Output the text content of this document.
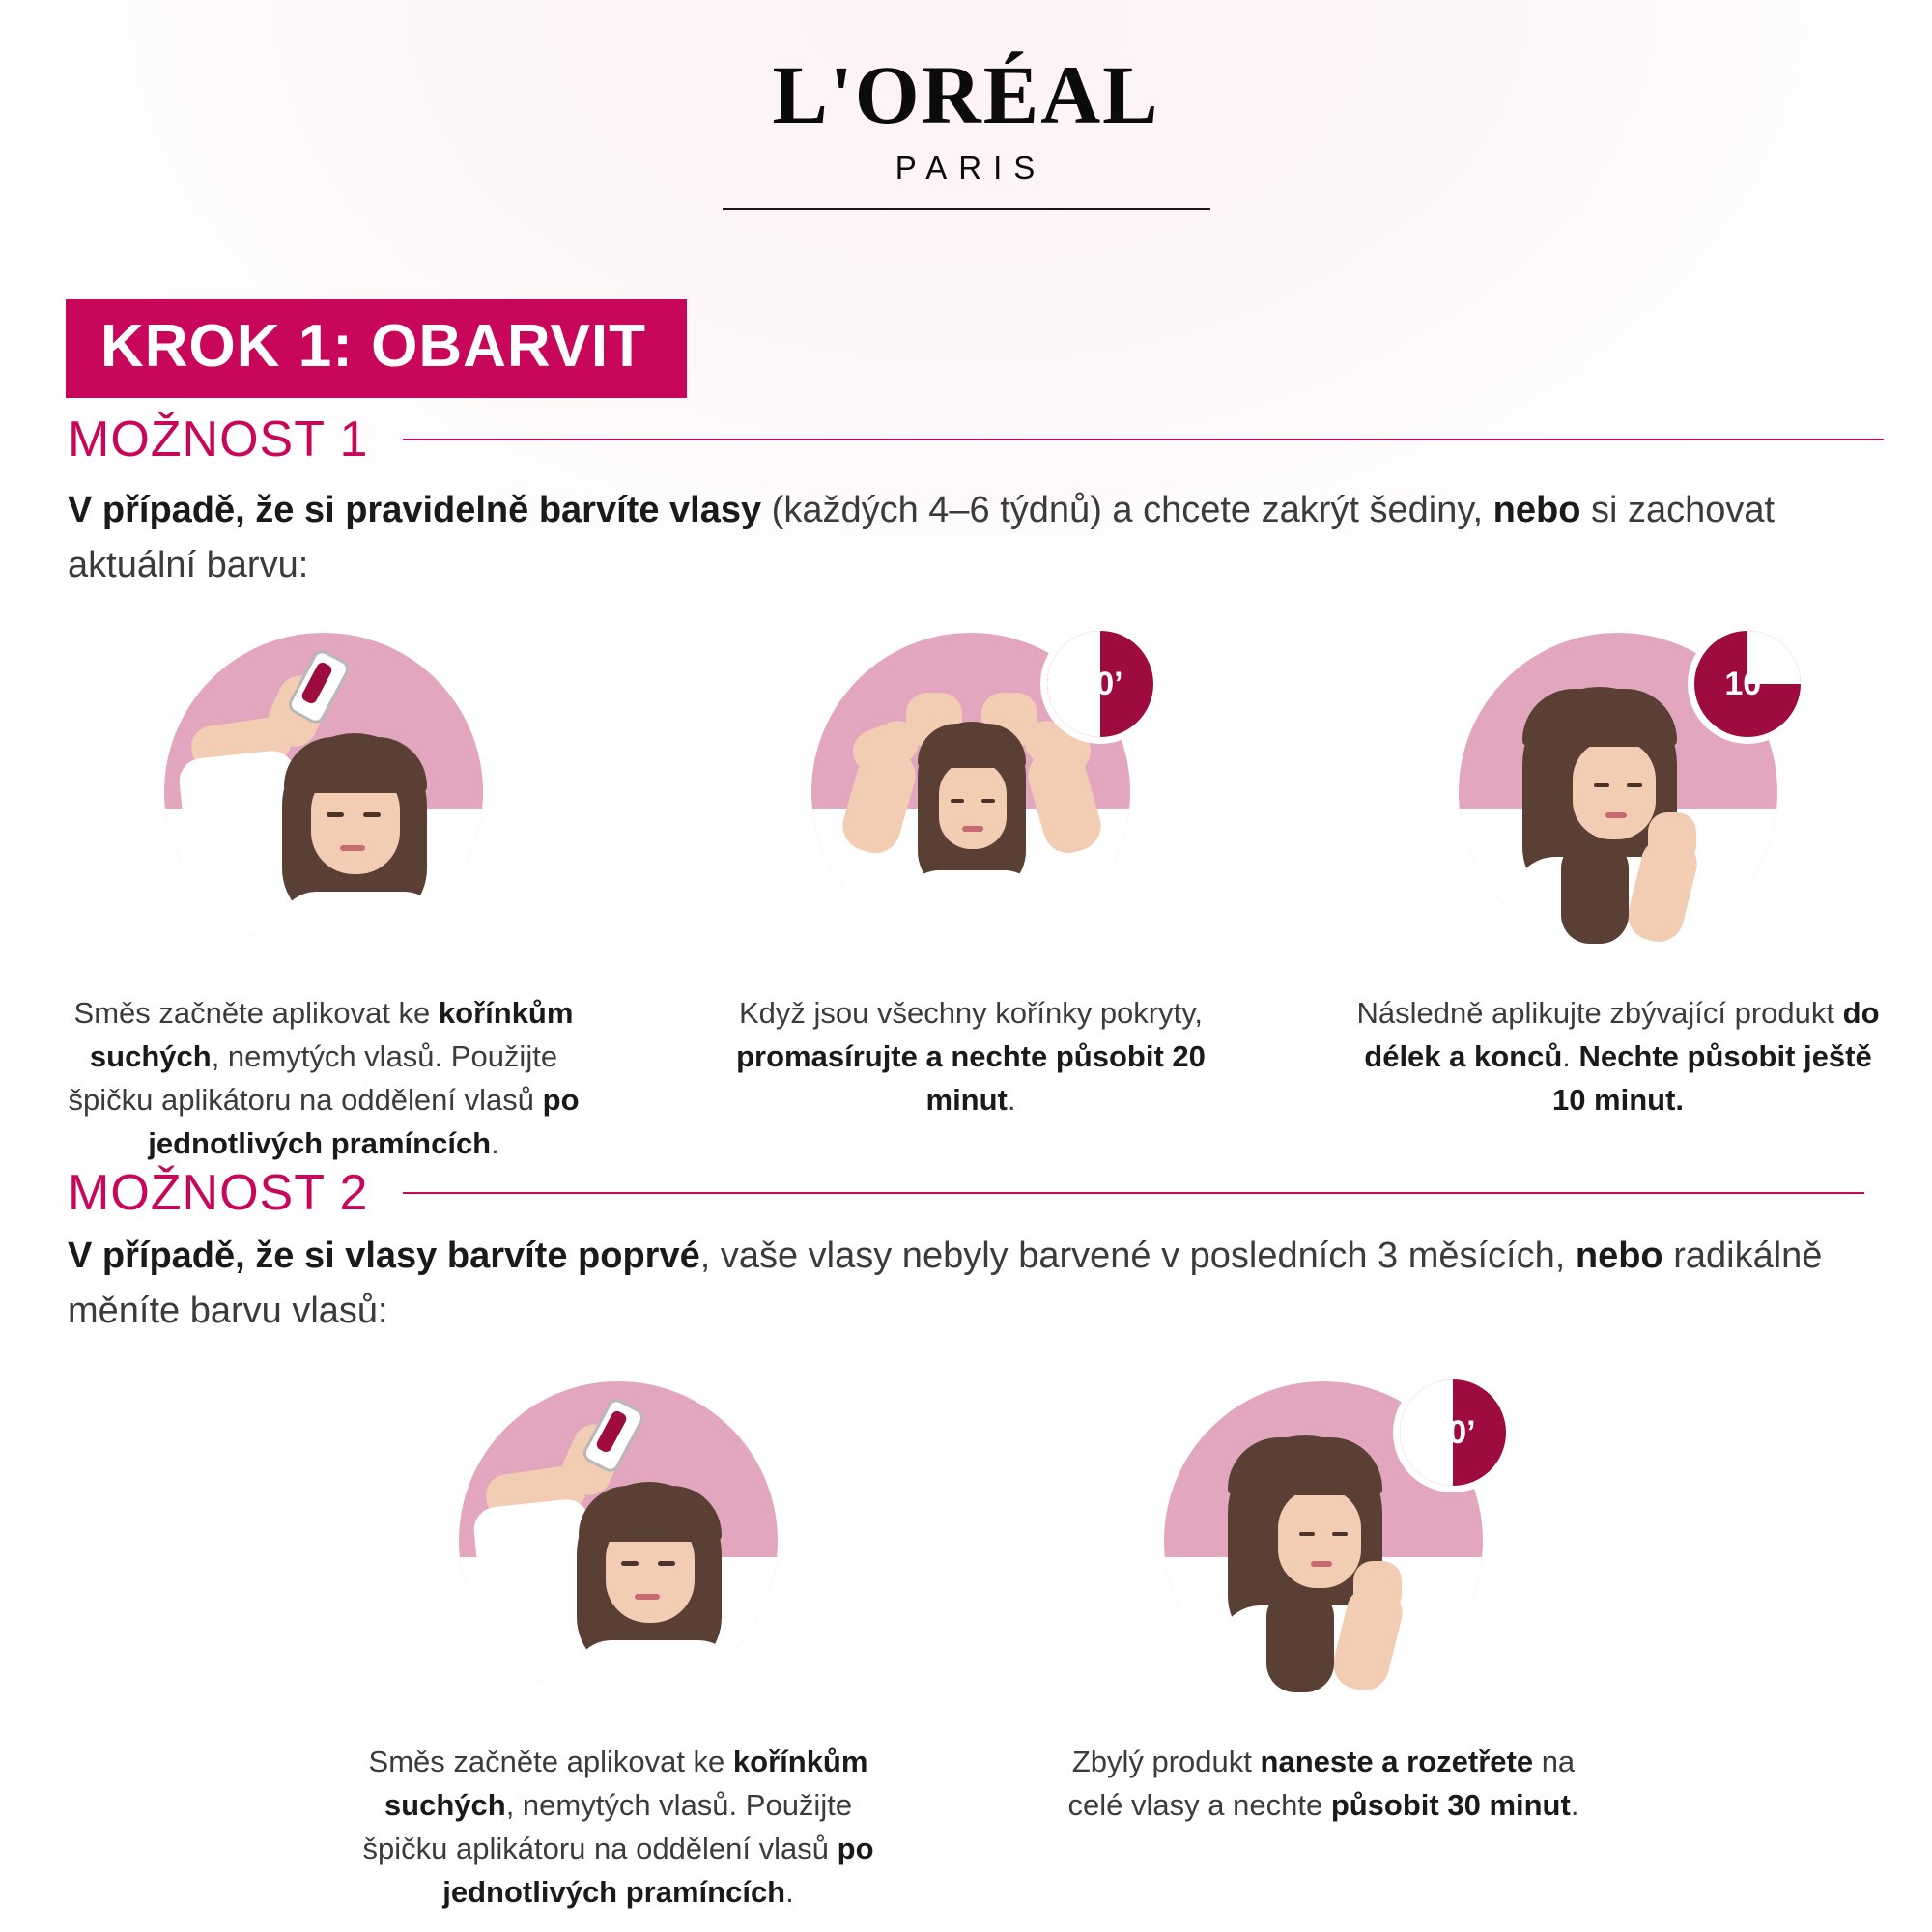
L'ORÉAL
PARIS
KROK 1: OBARVIT
MOŽNOST 1
V případě, že si pravidelně barvíte vlasy (každých 4–6 týdnů) a chcete zakrýt šediny, nebo si zachovat aktuální barvu:
Směs začněte aplikovat ke kořínkům suchých, nemytých vlasů. Použijte špičku aplikátoru na oddělení vlasů po jednotlivých pramíncích.
20’
Když jsou všechny kořínky pokryty, promasírujte a nechte působit 20 minut.
10’
Následně aplikujte zbývající produkt do délek a konců. Nechte působit ještě 10 minut.
MOŽNOST 2
V případě, že si vlasy barvíte poprvé, vaše vlasy nebyly barvené v posledních 3 měsících, nebo radikálně měníte barvu vlasů:
Směs začněte aplikovat ke kořínkům suchých, nemytých vlasů. Použijte špičku aplikátoru na oddělení vlasů po jednotlivých pramíncích.
30’
Zbylý produkt naneste a rozetřete na celé vlasy a nechte působit 30 minut.
